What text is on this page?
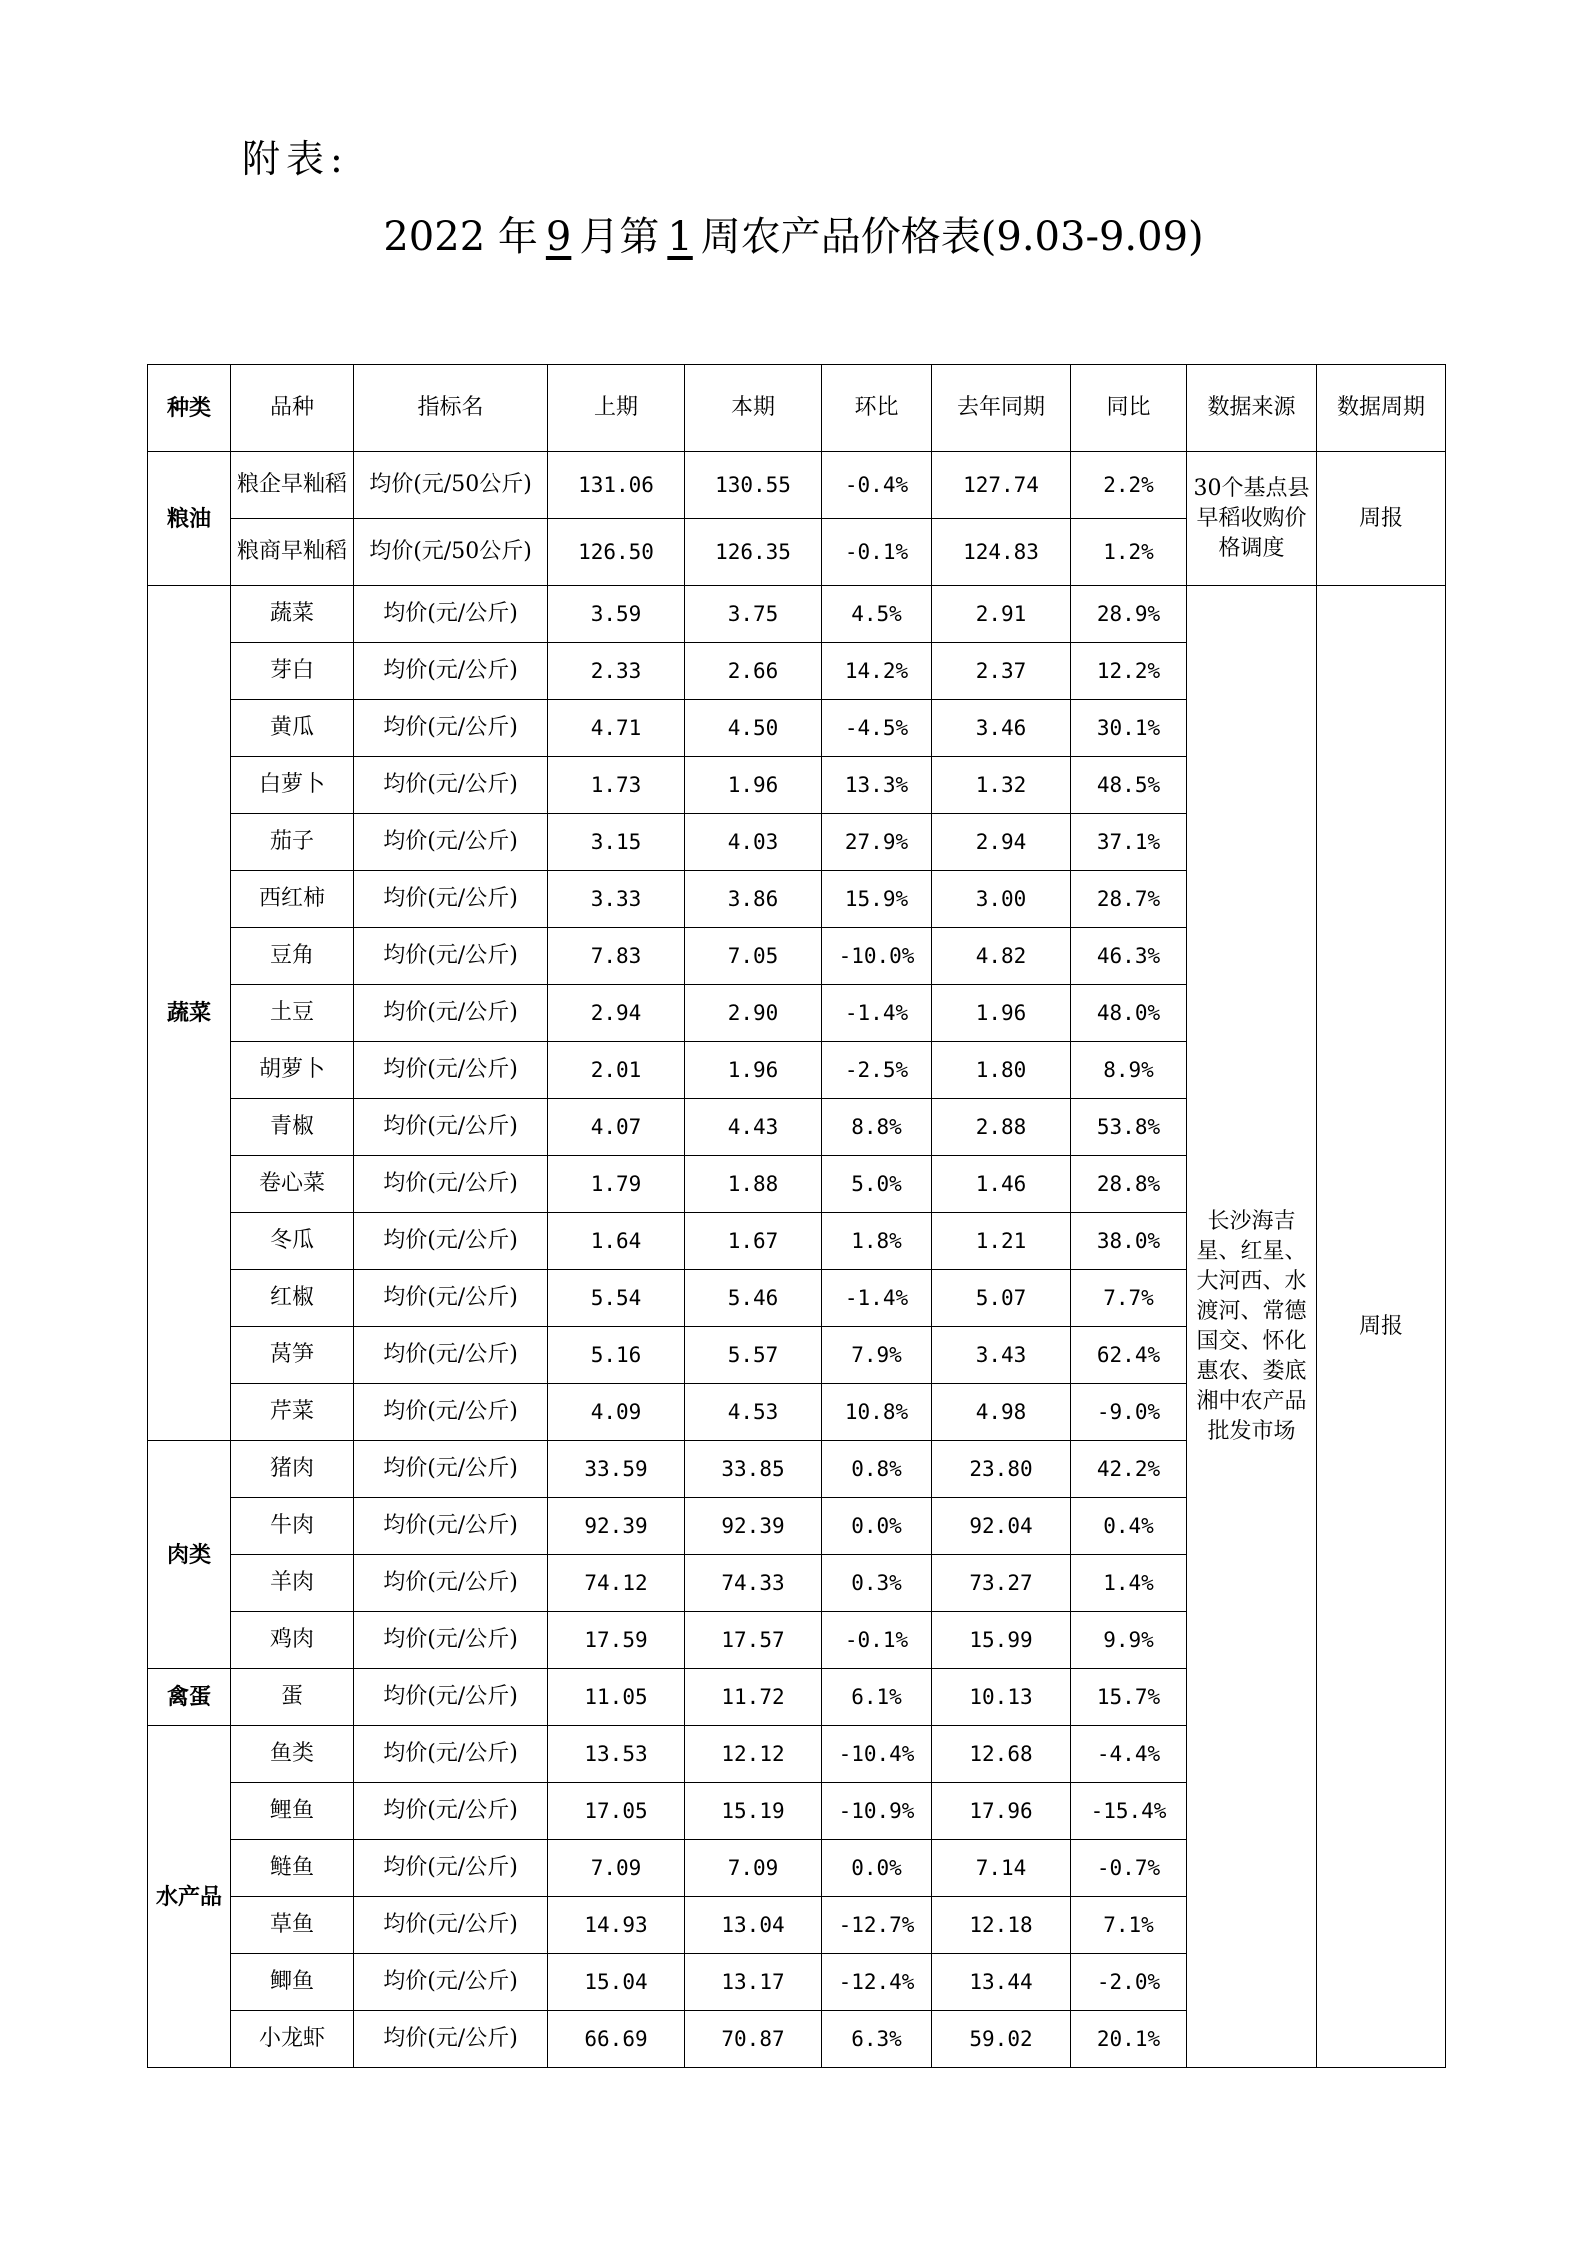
附表:
2022 年 9 月第 1 周农产品价格表(9.03-9.09)
种类	品种	指标名	上期	本期	环比	去年同期	同比	数据来源	数据周期
粮油	粮企早籼稻	均价(元/50公斤)	131.06	130.55	-0.4%	127.74	2.2%	30个基点县早稻收购价格调度	周报
	粮商早籼稻	均价(元/50公斤)	126.50	126.35	-0.1%	124.83	1.2%		
蔬菜	蔬菜	均价(元/公斤)	3.59	3.75	4.5%	2.91	28.9%	长沙海吉星、红星、大河西、水渡河、常德国交、怀化惠农、娄底湘中农产品批发市场	周报
	芽白	均价(元/公斤)	2.33	2.66	14.2%	2.37	12.2%		
	黄瓜	均价(元/公斤)	4.71	4.50	-4.5%	3.46	30.1%		
	白萝卜	均价(元/公斤)	1.73	1.96	13.3%	1.32	48.5%		
	茄子	均价(元/公斤)	3.15	4.03	27.9%	2.94	37.1%		
	西红柿	均价(元/公斤)	3.33	3.86	15.9%	3.00	28.7%		
	豆角	均价(元/公斤)	7.83	7.05	-10.0%	4.82	46.3%		
	土豆	均价(元/公斤)	2.94	2.90	-1.4%	1.96	48.0%		
	胡萝卜	均价(元/公斤)	2.01	1.96	-2.5%	1.80	8.9%		
	青椒	均价(元/公斤)	4.07	4.43	8.8%	2.88	53.8%		
	卷心菜	均价(元/公斤)	1.79	1.88	5.0%	1.46	28.8%		
	冬瓜	均价(元/公斤)	1.64	1.67	1.8%	1.21	38.0%		
	红椒	均价(元/公斤)	5.54	5.46	-1.4%	5.07	7.7%		
	莴笋	均价(元/公斤)	5.16	5.57	7.9%	3.43	62.4%		
	芹菜	均价(元/公斤)	4.09	4.53	10.8%	4.98	-9.0%		
肉类	猪肉	均价(元/公斤)	33.59	33.85	0.8%	23.80	42.2%		
	牛肉	均价(元/公斤)	92.39	92.39	0.0%	92.04	0.4%		
	羊肉	均价(元/公斤)	74.12	74.33	0.3%	73.27	1.4%		
	鸡肉	均价(元/公斤)	17.59	17.57	-0.1%	15.99	9.9%		
禽蛋	蛋	均价(元/公斤)	11.05	11.72	6.1%	10.13	15.7%		
水产品	鱼类	均价(元/公斤)	13.53	12.12	-10.4%	12.68	-4.4%		
	鲤鱼	均价(元/公斤)	17.05	15.19	-10.9%	17.96	-15.4%		
	鲢鱼	均价(元/公斤)	7.09	7.09	0.0%	7.14	-0.7%		
	草鱼	均价(元/公斤)	14.93	13.04	-12.7%	12.18	7.1%		
	鲫鱼	均价(元/公斤)	15.04	13.17	-12.4%	13.44	-2.0%		
	小龙虾	均价(元/公斤)	66.69	70.87	6.3%	59.02	20.1%		
